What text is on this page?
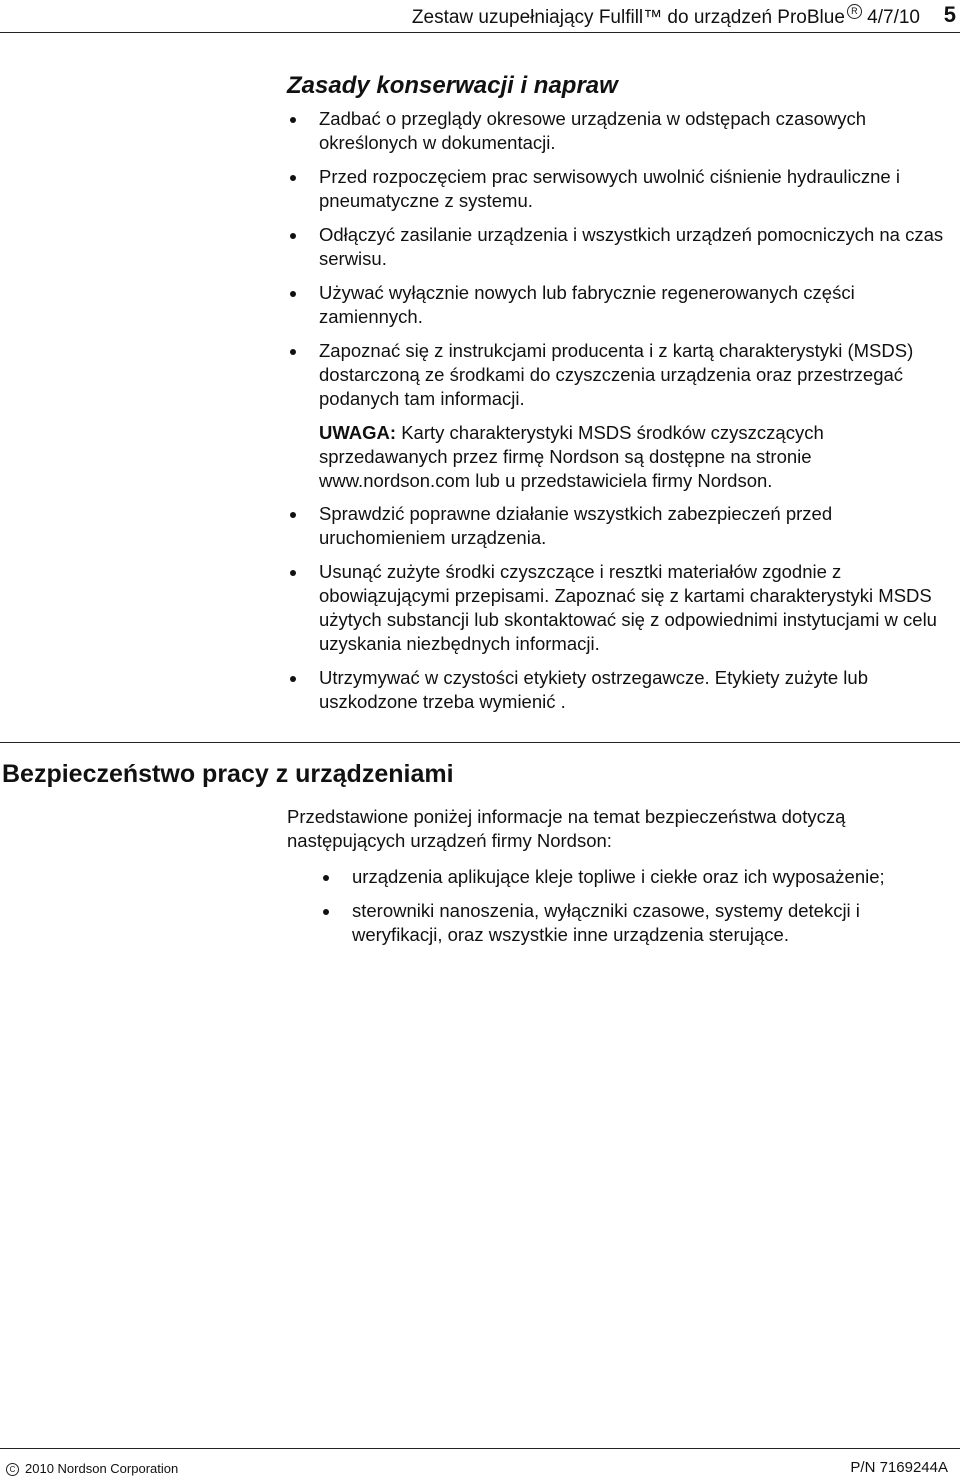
Zestaw uzupełniający Fulfill™ do urządzeń ProBlue R 4/7/10 5
Zasady konserwacji i napraw
Zadbać o przeglądy okresowe urządzenia w odstępach czasowych określonych w dokumentacji.
Przed rozpoczęciem prac serwisowych uwolnić ciśnienie hydrauliczne i pneumatyczne z systemu.
Odłączyć zasilanie urządzenia i wszystkich urządzeń pomocniczych na czas serwisu.
Używać wyłącznie nowych lub fabrycznie regenerowanych części zamiennych.
Zapoznać się z instrukcjami producenta i z kartą charakterystyki (MSDS) dostarczoną ze środkami do czyszczenia urządzenia oraz przestrzegać podanych tam informacji.

UWAGA: Karty charakterystyki MSDS środków czyszczących sprzedawanych przez firmę Nordson są dostępne na stronie www.nordson.com lub u przedstawiciela firmy Nordson.

Sprawdzić poprawne działanie wszystkich zabezpieczeń przed uruchomieniem urządzenia.
Usunąć zużyte środki czyszczące i resztki materiałów zgodnie z obowiązującymi przepisami. Zapoznać się z kartami charakterystyki MSDS użytych substancji lub skontaktować się z odpowiednimi instytucjami w celu uzyskania niezbędnych informacji.
Utrzymywać w czystości etykiety ostrzegawcze. Etykiety zużyte lub uszkodzone trzeba wymienić .
Bezpieczeństwo pracy z urządzeniami

Przedstawione poniżej informacje na temat bezpieczeństwa dotyczą następujących urządzeń firmy Nordson:

urządzenia aplikujące kleje topliwe i ciekłe oraz ich wyposażenie;
sterowniki nanoszenia, wyłączniki czasowe, systemy detekcji i weryfikacji, oraz wszystkie inne urządzenia sterujące.
C 2010 Nordson Corporation	P/N 7169244A
